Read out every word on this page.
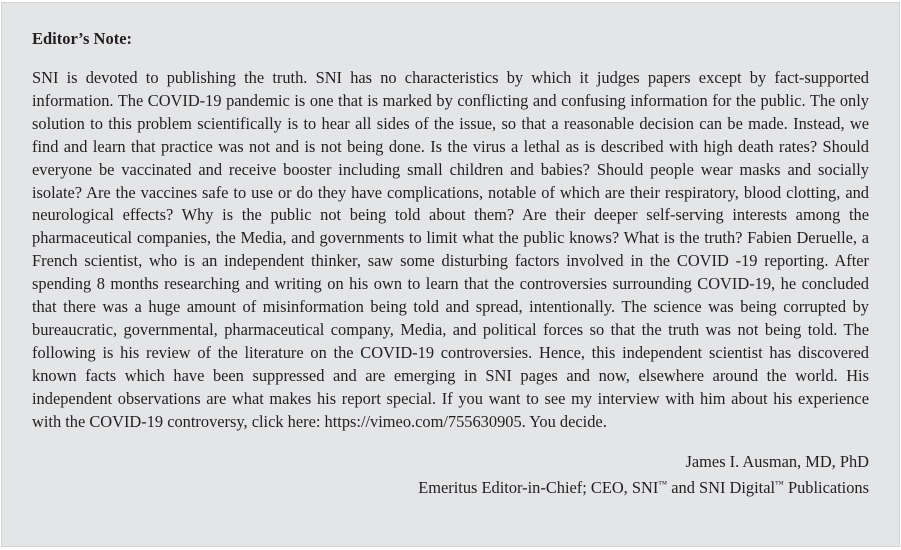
Editor’s Note:

SNI is devoted to publishing the truth. SNI has no characteristics by which it judges papers except by fact-supported information. The COVID-19 pandemic is one that is marked by conflicting and confusing information for the public. The only solution to this problem scientifically is to hear all sides of the issue, so that a reasonable decision can be made. Instead, we find and learn that practice was not and is not being done. Is the virus a lethal as is described with high death rates? Should everyone be vaccinated and receive booster including small children and babies? Should people wear masks and socially isolate? Are the vaccines safe to use or do they have complications, notable of which are their respiratory, blood clotting, and neurological effects? Why is the public not being told about them? Are their deeper self-serving interests among the pharmaceutical companies, the Media, and governments to limit what the public knows? What is the truth? Fabien Deruelle, a French scientist, who is an independent thinker, saw some disturbing factors involved in the COVID -19 reporting. After spending 8 months researching and writing on his own to learn that the controversies surrounding COVID-19, he concluded that there was a huge amount of misinformation being told and spread, intentionally. The science was being corrupted by bureaucratic, governmental, pharmaceutical company, Media, and political forces so that the truth was not being told. The following is his review of the literature on the COVID-19 controversies. Hence, this independent scientist has discovered known facts which have been suppressed and are emerging in SNI pages and now, elsewhere around the world. His independent observations are what makes his report special. If you want to see my interview with him about his experience with the COVID-19 controversy, click here: https://vimeo.com/755630905. You decide.

James I. Ausman, MD, PhD
Emeritus Editor-in-Chief; CEO, SNI™ and SNI Digital™ Publications
